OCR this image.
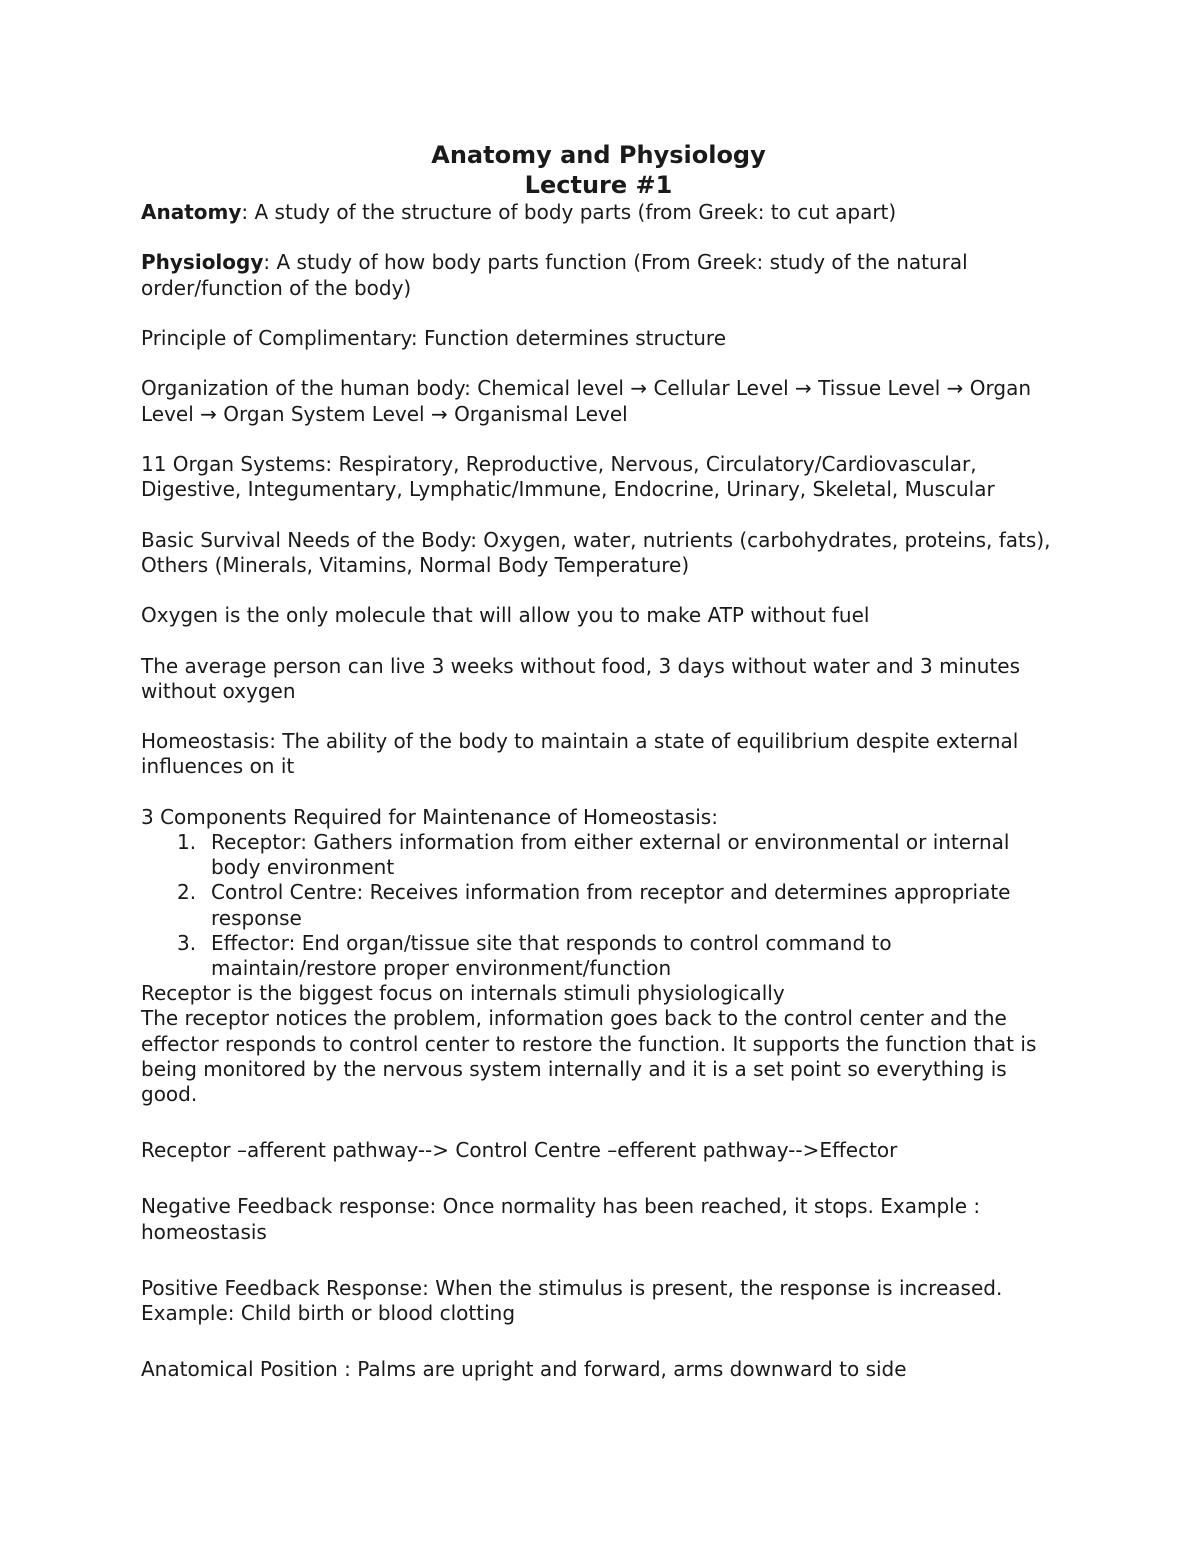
Anatomy and Physiology
Lecture #1

Anatomy: A study of the structure of body parts (from Greek: to cut apart)

Physiology: A study of how body parts function (From Greek: study of the natural order/function of the body)

Principle of Complimentary: Function determines structure

Organization of the human body: Chemical level → Cellular Level → Tissue Level → Organ Level → Organ System Level → Organismal Level

11 Organ Systems: Respiratory, Reproductive, Nervous, Circulatory/Cardiovascular, Digestive, Integumentary, Lymphatic/Immune, Endocrine, Urinary, Skeletal, Muscular

Basic Survival Needs of the Body: Oxygen, water, nutrients (carbohydrates, proteins, fats), Others (Minerals, Vitamins, Normal Body Temperature)

Oxygen is the only molecule that will allow you to make ATP without fuel

The average person can live 3 weeks without food, 3 days without water and 3 minutes without oxygen

Homeostasis: The ability of the body to maintain a state of equilibrium despite external influences on it

3 Components Required for Maintenance of Homeostasis:

1. Receptor: Gathers information from either external or environmental or internal body environment
2. Control Centre: Receives information from receptor and determines appropriate response
3. Effector: End organ/tissue site that responds to control command to maintain/restore proper environment/function

Receptor is the biggest focus on internals stimuli physiologically

The receptor notices the problem, information goes back to the control center and the effector responds to control center to restore the function. It supports the function that is being monitored by the nervous system internally and it is a set point so everything is good.

Receptor –afferent pathway--> Control Centre –efferent pathway-->Effector

Negative Feedback response: Once normality has been reached, it stops. Example : homeostasis

Positive Feedback Response: When the stimulus is present, the response is increased. Example: Child birth or blood clotting

Anatomical Position : Palms are upright and forward, arms downward to side
